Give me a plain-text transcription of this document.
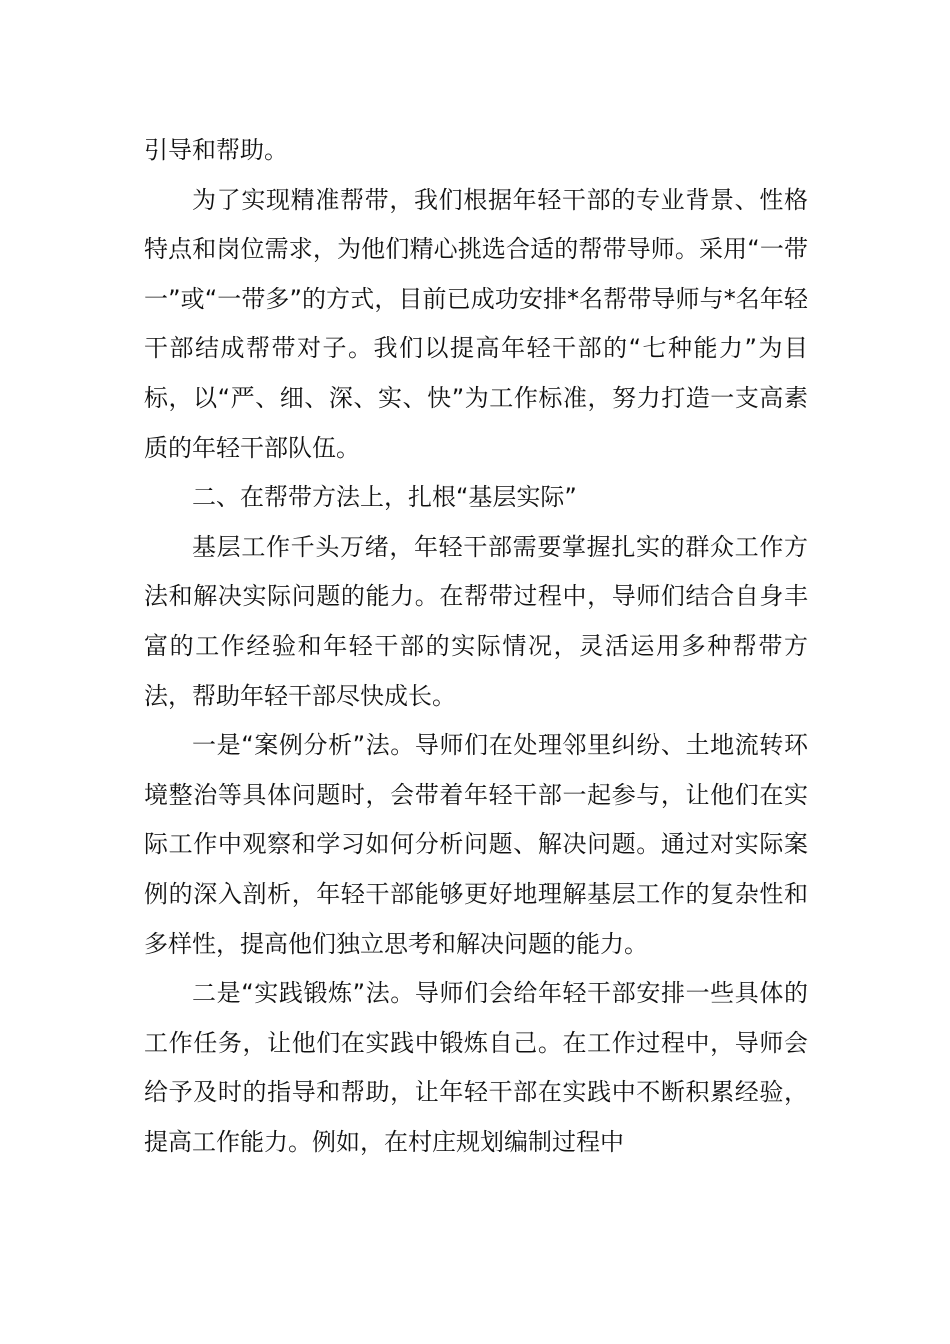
引导和帮助。

为了实现精准帮带，我们根据年轻干部的专业背景、性格特点和岗位需求，为他们精心挑选合适的帮带导师。采用“一带一”或“一带多”的方式，目前已成功安排*名帮带导师与*名年轻干部结成帮带对子。我们以提高年轻干部的“七种能力”为目标，以“严、细、深、实、快”为工作标准，努力打造一支高素质的年轻干部队伍。

二、在帮带方法上，扎根“基层实际”

基层工作千头万绪，年轻干部需要掌握扎实的群众工作方法和解决实际问题的能力。在帮带过程中，导师们结合自身丰富的工作经验和年轻干部的实际情况，灵活运用多种帮带方法，帮助年轻干部尽快成长。

一是“案例分析”法。导师们在处理邻里纠纷、土地流转环境整治等具体问题时，会带着年轻干部一起参与，让他们在实际工作中观察和学习如何分析问题、解决问题。通过对实际案例的深入剖析，年轻干部能够更好地理解基层工作的复杂性和多样性，提高他们独立思考和解决问题的能力。

二是“实践锻炼”法。导师们会给年轻干部安排一些具体的工作任务，让他们在实践中锻炼自己。在工作过程中，导师会给予及时的指导和帮助，让年轻干部在实践中不断积累经验，提高工作能力。例如，在村庄规划编制过程中
